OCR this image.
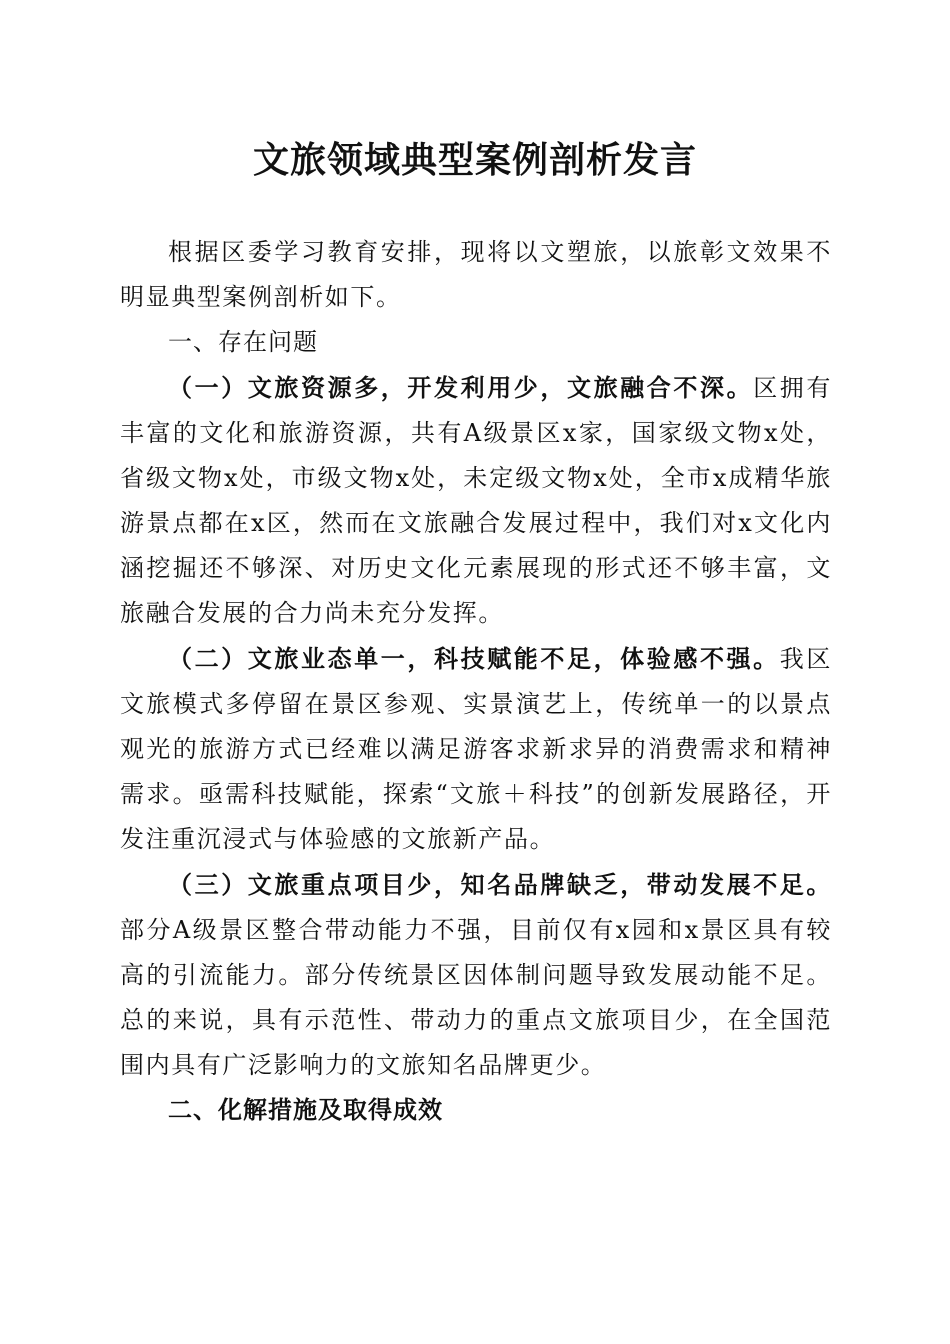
文旅领域典型案例剖析发言

根据区委学习教育安排，现将以文塑旅，以旅彰文效果不明显典型案例剖析如下。

一、存在问题

（一）文旅资源多，开发利用少，文旅融合不深。区拥有丰富的文化和旅游资源，共有A级景区x家，国家级文物x处，省级文物x处，市级文物x处，未定级文物x处，全市x成精华旅游景点都在x区，然而在文旅融合发展过程中，我们对x文化内涵挖掘还不够深、对历史文化元素展现的形式还不够丰富，文旅融合发展的合力尚未充分发挥。

（二）文旅业态单一，科技赋能不足，体验感不强。我区文旅模式多停留在景区参观、实景演艺上，传统单一的以景点观光的旅游方式已经难以满足游客求新求异的消费需求和精神需求。亟需科技赋能，探索“文旅＋科技”的创新发展路径，开发注重沉浸式与体验感的文旅新产品。

（三）文旅重点项目少，知名品牌缺乏，带动发展不足。部分A级景区整合带动能力不强，目前仅有x园和x景区具有较高的引流能力。部分传统景区因体制问题导致发展动能不足。总的来说，具有示范性、带动力的重点文旅项目少，在全国范围内具有广泛影响力的文旅知名品牌更少。

二、化解措施及取得成效
